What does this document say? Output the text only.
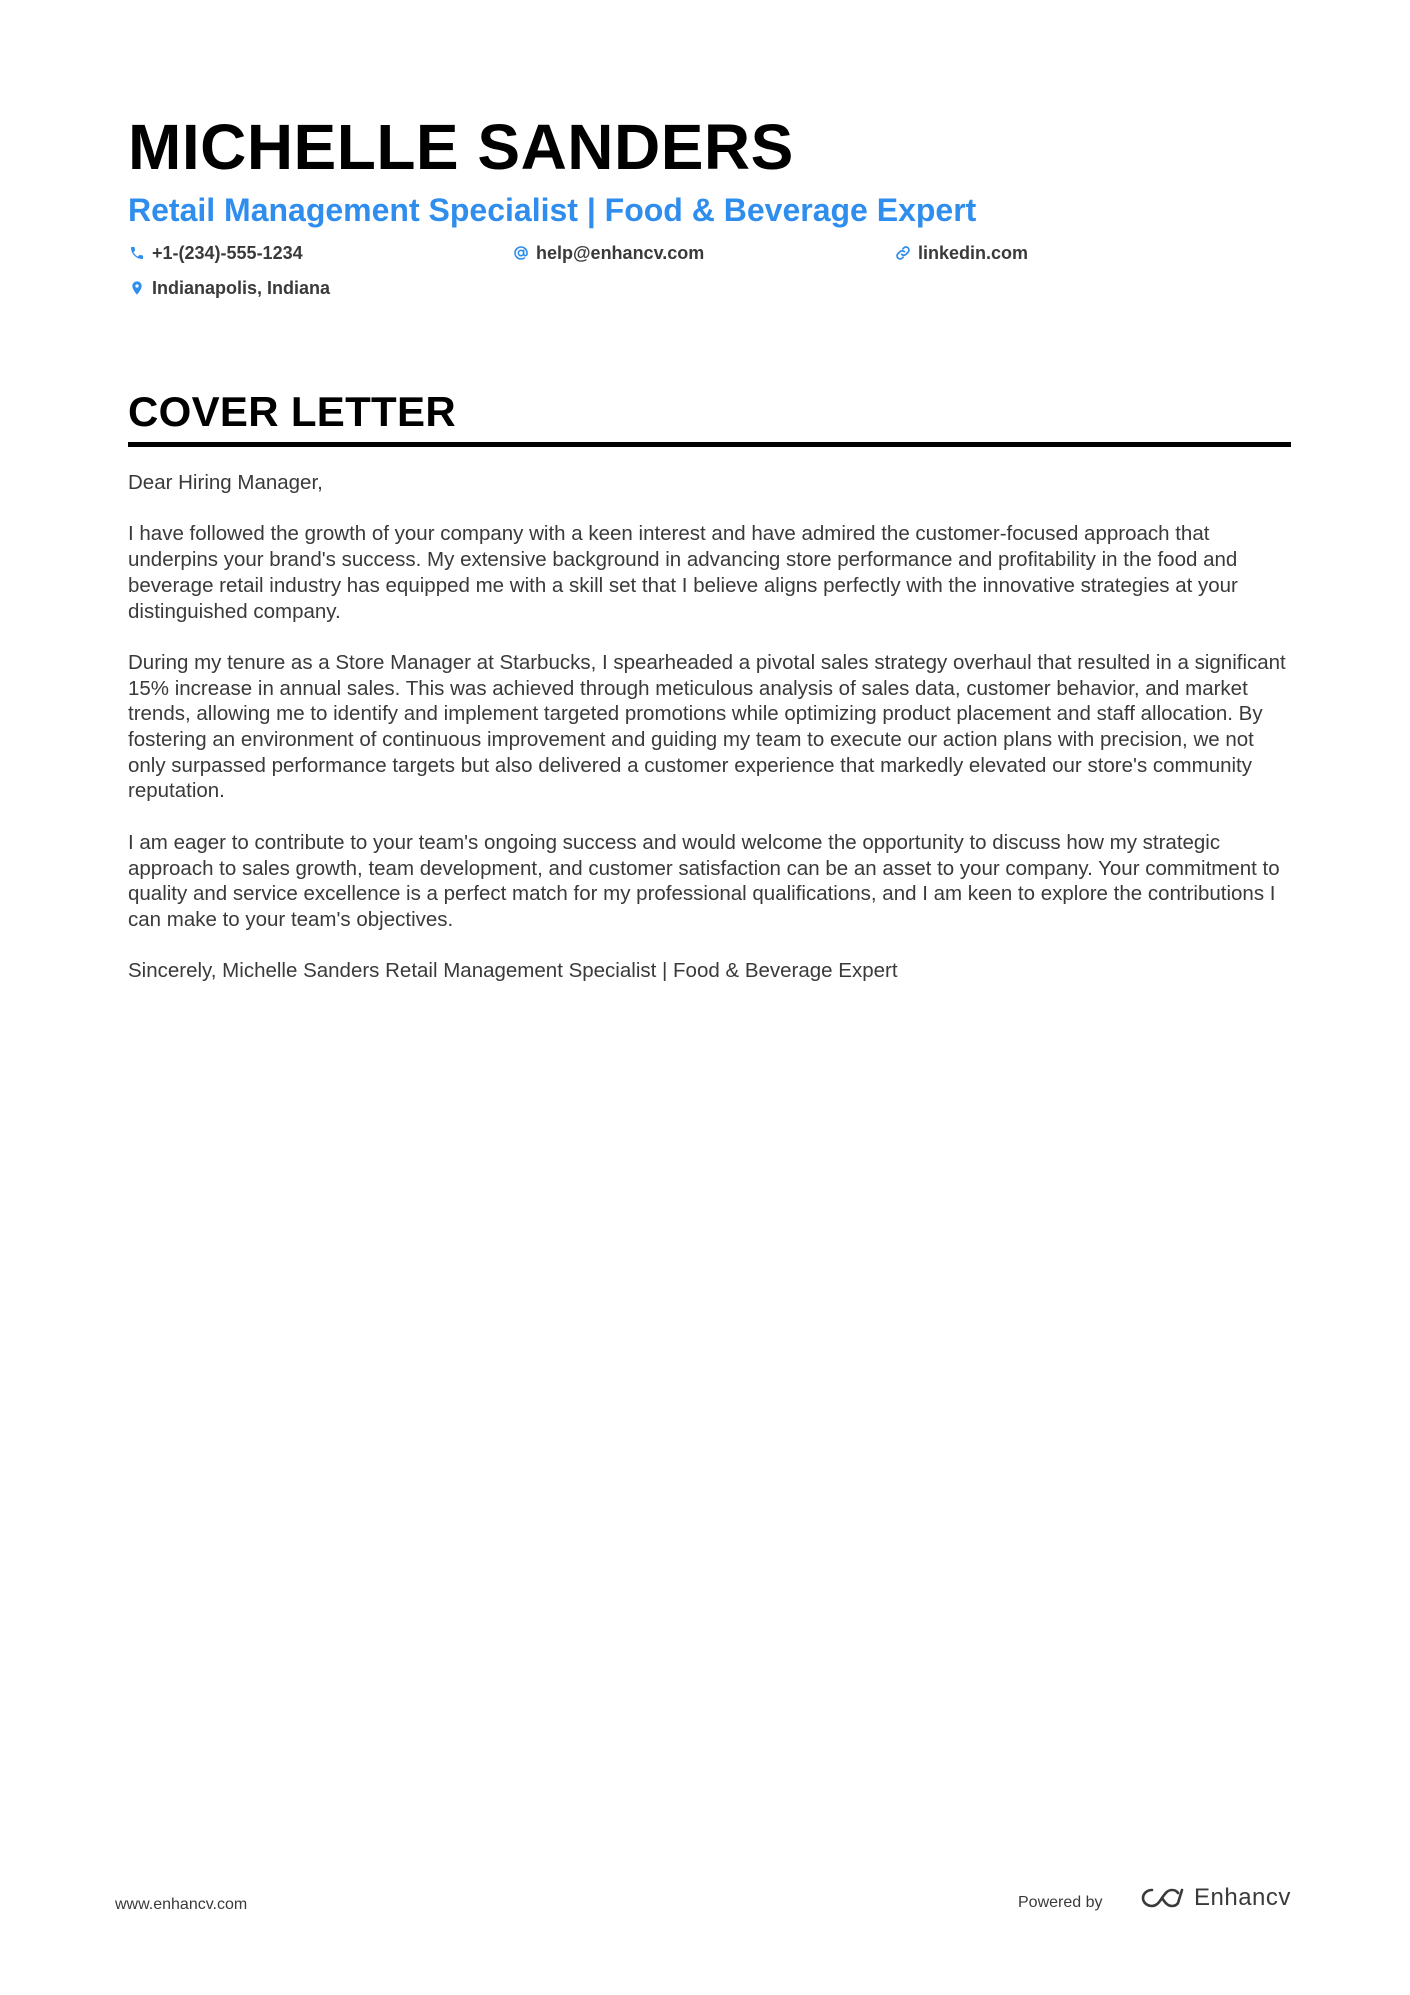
MICHELLE SANDERS
Retail Management Specialist | Food & Beverage Expert
+1-(234)-555-1234	help@enhancv.com	linkedin.com
Indianapolis, Indiana
COVER LETTER

Dear Hiring Manager,

I have followed the growth of your company with a keen interest and have admired the customer-focused approach that underpins your brand's success. My extensive background in advancing store performance and profitability in the food and beverage retail industry has equipped me with a skill set that I believe aligns perfectly with the innovative strategies at your distinguished company.

During my tenure as a Store Manager at Starbucks, I spearheaded a pivotal sales strategy overhaul that resulted in a significant 15% increase in annual sales. This was achieved through meticulous analysis of sales data, customer behavior, and market trends, allowing me to identify and implement targeted promotions while optimizing product placement and staff allocation. By fostering an environment of continuous improvement and guiding my team to execute our action plans with precision, we not only surpassed performance targets but also delivered a customer experience that markedly elevated our store's community reputation.

I am eager to contribute to your team's ongoing success and would welcome the opportunity to discuss how my strategic approach to sales growth, team development, and customer satisfaction can be an asset to your company. Your commitment to quality and service excellence is a perfect match for my professional qualifications, and I am keen to explore the contributions I can make to your team's objectives.

Sincerely, Michelle Sanders Retail Management Specialist | Food & Beverage Expert

www.enhancv.com	Powered by	Enhancv
